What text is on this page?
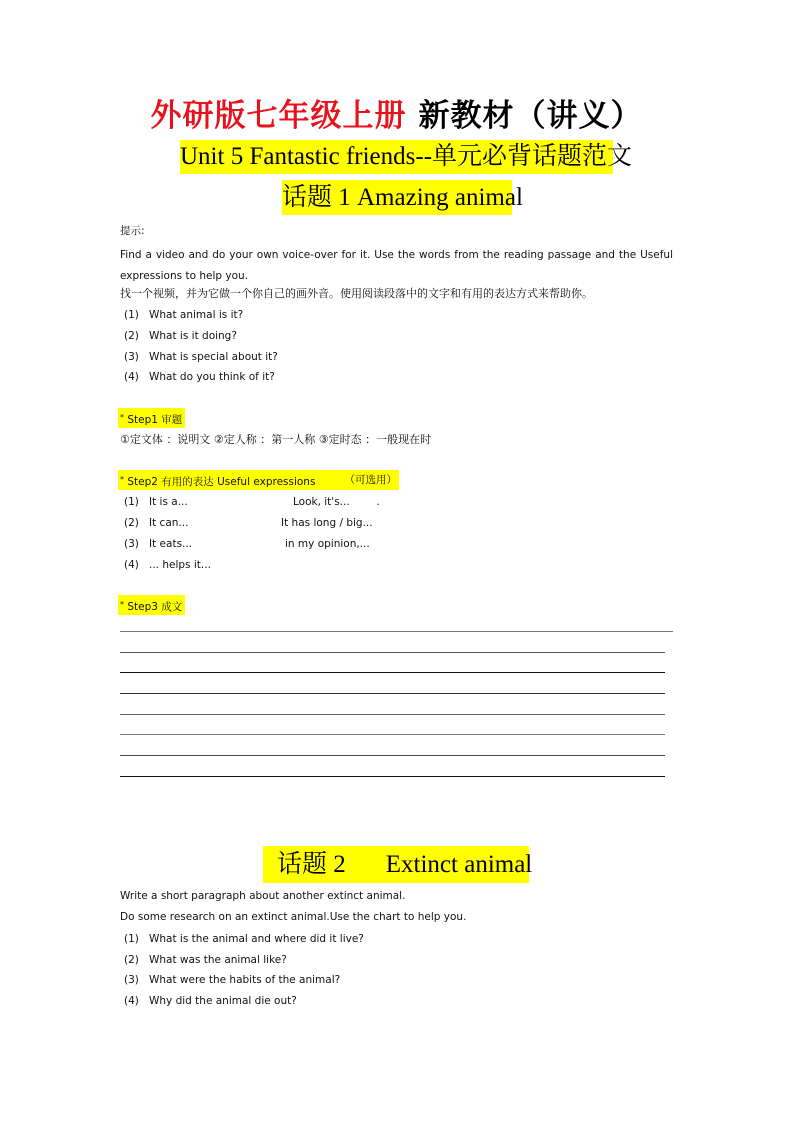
外研版七年级上册 新教材（讲义）
Unit 5 Fantastic friends--单元必背话题范文
话题 1 Amazing animal
提示:
Find a video and do your own voice-over for it. Use the words from the reading passage and the Useful expressions to help you.
找一个视频，并为它做一个你自己的画外音。使用阅读段落中的文字和有用的表达方式来帮助你。
(1) What animal is it?
(2) What is it doing?
(3) What is special about it?
(4) What do you think of it?
* Step1 审题
①定文体 ：说明文 ②定人称 ：第一人称 ③定时态 ：一般现在时
* Step2 有用的表达 Useful expressions	（可选用）
(1) It is a...	Look, it's...        .
(2) It can...	It has long / big...
(3) It eats...	in my opinion,...
(4) ... helps it...
* Step3 成文
话题 2 Extinct animal
Write a short paragraph about another extinct animal.
Do some research on an extinct animal.Use the chart to help you.
(1) What is the animal and where did it live?
(2) What was the animal like?
(3) What were the habits of the animal?
(4) Why did the animal die out?
